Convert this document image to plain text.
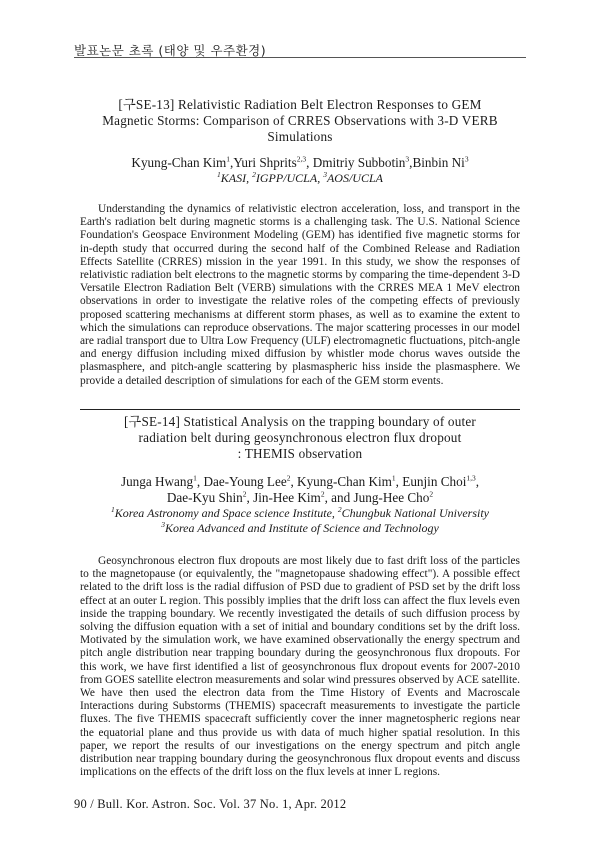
발표논문 초록 (태양 및 우주환경)
[구SE-13] Relativistic Radiation Belt Electron Responses to GEM
Magnetic Storms: Comparison of CRRES Observations with 3-D VERB
Simulations
Kyung-Chan Kim$^1$,Yuri Shprits$^{2,3}$, Dmitriy Subbotin$^3$,Binbin Ni$^3$
$^1$KASI, $^2$IGPP/UCLA, $^3$AOS/UCLA

Understanding the dynamics of relativistic electron acceleration, loss, and transport in the Earth's radiation belt during magnetic storms is a challenging task. The U.S. National Science Foundation's Geospace Environment Modeling (GEM) has identified five magnetic storms for in-depth study that occurred during the second half of the Combined Release and Radiation Effects Satellite (CRRES) mission in the year 1991. In this study, we show the responses of relativistic radiation belt electrons to the magnetic storms by comparing the time-dependent 3-D Versatile Electron Radiation Belt (VERB) simulations with the CRRES MEA 1 MeV electron observations in order to investigate the relative roles of the competing effects of previously proposed scattering mechanisms at different storm phases, as well as to examine the extent to which the simulations can reproduce observations. The major scattering processes in our model are radial transport due to Ultra Low Frequency (ULF) electromagnetic fluctuations, pitch-angle and energy diffusion including mixed diffusion by whistler mode chorus waves outside the plasmasphere, and pitch-angle scattering by plasmaspheric hiss inside the plasmasphere. We provide a detailed description of simulations for each of the GEM storm events.

[구SE-14] Statistical Analysis on the trapping boundary of outer
radiation belt during geosynchronous electron flux dropout
: THEMIS observation
Junga Hwang$^1$, Dae-Young Lee$^2$, Kyung-Chan Kim$^1$, Eunjin Choi$^{1,3}$,
Dae-Kyu Shin$^2$, Jin-Hee Kim$^2$, and Jung-Hee Cho$^2$
$^1$Korea Astronomy and Space science Institute, $^2$Chungbuk National University
$^3$Korea Advanced and Institute of Science and Technology

Geosynchronous electron flux dropouts are most likely due to fast drift loss of the particles to the magnetopause (or equivalently, the "magnetopause shadowing effect"). A possible effect related to the drift loss is the radial diffusion of PSD due to gradient of PSD set by the drift loss effect at an outer L region. This possibly implies that the drift loss can affect the flux levels even inside the trapping boundary. We recently investigated the details of such diffusion process by solving the diffusion equation with a set of initial and boundary conditions set by the drift loss. Motivated by the simulation work, we have examined observationally the energy spectrum and pitch angle distribution near trapping boundary during the geosynchronous flux dropouts. For this work, we have first identified a list of geosynchronous flux dropout events for 2007-2010 from GOES satellite electron measurements and solar wind pressures observed by ACE satellite. We have then used the electron data from the Time History of Events and Macroscale Interactions during Substorms (THEMIS) spacecraft measurements to investigate the particle fluxes. The five THEMIS spacecraft sufficiently cover the inner magnetospheric regions near the equatorial plane and thus provide us with data of much higher spatial resolution. In this paper, we report the results of our investigations on the energy spectrum and pitch angle distribution near trapping boundary during the geosynchronous flux dropout events and discuss implications on the effects of the drift loss on the flux levels at inner L regions.

90 / Bull. Kor. Astron. Soc. Vol. 37 No. 1, Apr. 2012
